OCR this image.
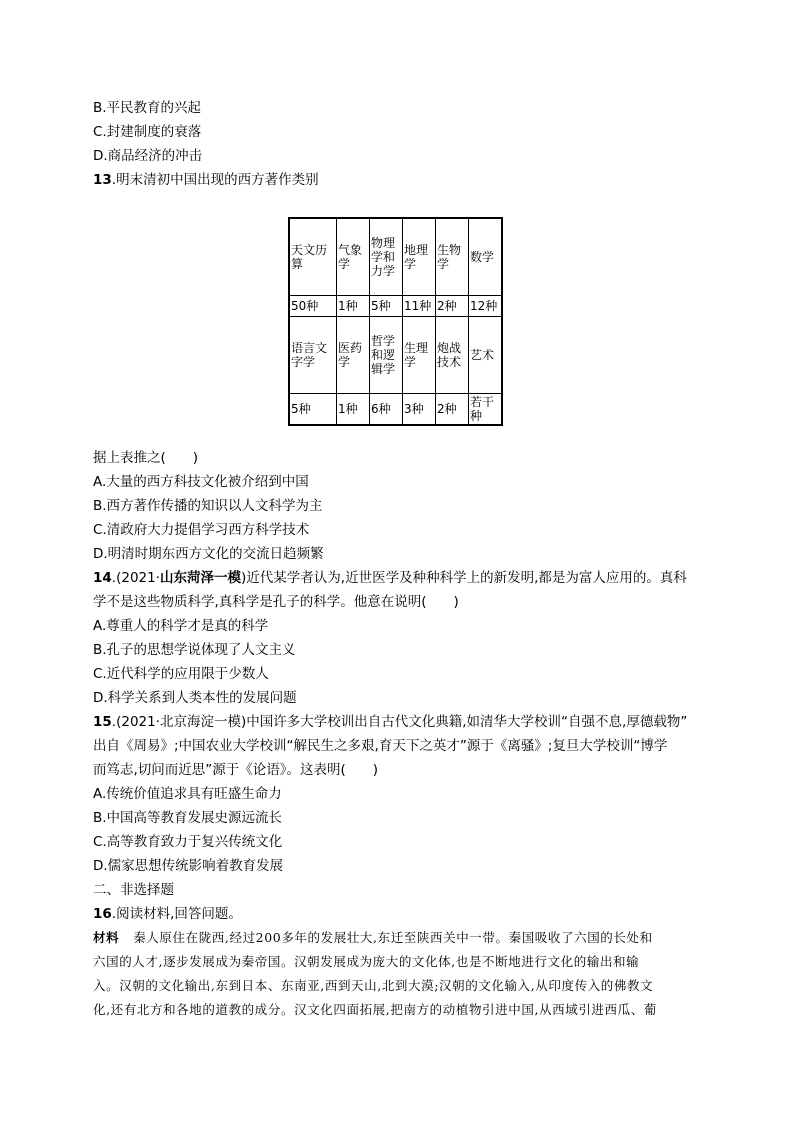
B.平民教育的兴起
C.封建制度的衰落
D.商品经济的冲击
13.明末清初中国出现的西方著作类别
天文历算	气象学	物理学和力学	地理学	生物学	数学
50种	1种	5种	11种	2种	12种
语言文字学	医药学	哲学和逻辑学	生理学	炮战技术	艺术
5种	1种	6种	3种	2种	若干种
据上表推之(　　)
A.大量的西方科技文化被介绍到中国
B.西方著作传播的知识以人文科学为主
C.清政府大力提倡学习西方科学技术
D.明清时期东西方文化的交流日趋频繁
14.(2021·山东菏泽一模)近代某学者认为,近世医学及种种科学上的新发明,都是为富人应用的。真科
学不是这些物质科学,真科学是孔子的科学。他意在说明(　　)
A.尊重人的科学才是真的科学
B.孔子的思想学说体现了人文主义
C.近代科学的应用限于少数人
D.科学关系到人类本性的发展问题
15.(2021·北京海淀一模)中国许多大学校训出自古代文化典籍,如清华大学校训“自强不息,厚德载物”
出自《周易》;中国农业大学校训“解民生之多艰,育天下之英才”源于《离骚》;复旦大学校训“博学
而笃志,切问而近思”源于《论语》。这表明(　　)
A.传统价值追求具有旺盛生命力
B.中国高等教育发展史源远流长
C.高等教育致力于复兴传统文化
D.儒家思想传统影响着教育发展
二、非选择题
16.阅读材料,回答问题。
材料 秦人原住在陇西,经过200多年的发展壮大,东迁至陕西关中一带。秦国吸收了六国的长处和
六国的人才,逐步发展成为秦帝国。汉朝发展成为庞大的文化体,也是不断地进行文化的输出和输
入。汉朝的文化输出,东到日本、东南亚,西到天山,北到大漠;汉朝的文化输入,从印度传入的佛教文
化,还有北方和各地的道教的成分。汉文化四面拓展,把南方的动植物引进中国,从西域引进西瓜、葡
